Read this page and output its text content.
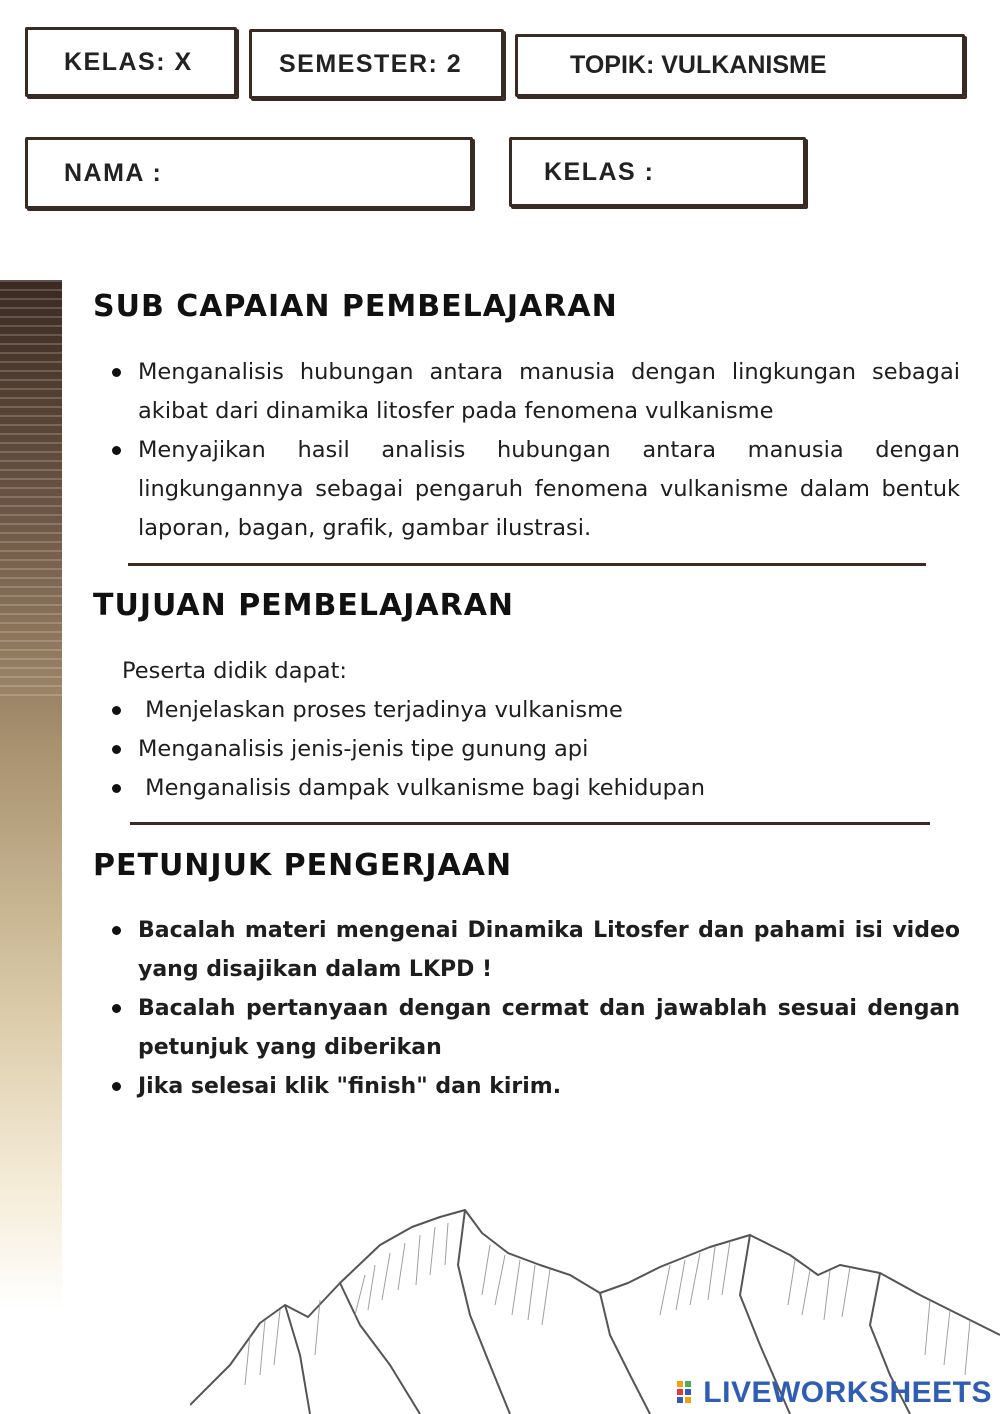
KELAS: X	SEMESTER: 2	TOPIK: VULKANISME
NAMA :	KELAS :
SUB CAPAIAN PEMBELAJARAN
Menganalisis hubungan antara manusia dengan lingkungan sebagai akibat dari dinamika litosfer pada fenomena vulkanisme
Menyajikan hasil analisis hubungan antara manusia dengan lingkungannya sebagai pengaruh fenomena vulkanisme dalam bentuk laporan, bagan, grafik, gambar ilustrasi.
TUJUAN PEMBELAJARAN
Peserta didik dapat:
Menjelaskan proses terjadinya vulkanisme
Menganalisis jenis-jenis tipe gunung api
Menganalisis dampak vulkanisme bagi kehidupan
PETUNJUK PENGERJAAN
Bacalah materi mengenai Dinamika Litosfer dan pahami isi video yang disajikan dalam LKPD !
Bacalah pertanyaan dengan cermat dan jawablah sesuai dengan petunjuk yang diberikan
Jika selesai klik "finish" dan kirim.
LIVEWORKSHEETS
